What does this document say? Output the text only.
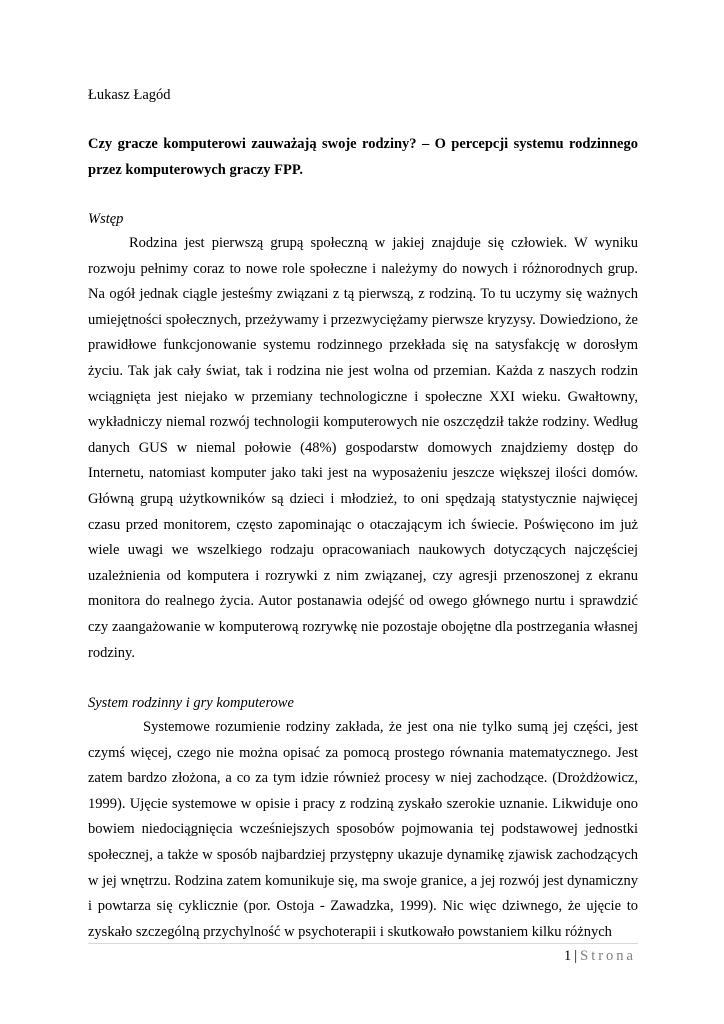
Łukasz Łagód

Czy gracze komputerowi zauważają swoje rodziny? – O percepcji systemu rodzinnego przez komputerowych graczy FPP.

Wstęp

Rodzina jest pierwszą grupą społeczną w jakiej znajduje się człowiek. W wyniku rozwoju pełnimy coraz to nowe role społeczne i należymy do nowych i różnorodnych grup. Na ogół jednak ciągle jesteśmy związani z tą pierwszą, z rodziną. To tu uczymy się ważnych umiejętności społecznych, przeżywamy i przezwyciężamy pierwsze kryzysy. Dowiedziono, że prawidłowe funkcjonowanie systemu rodzinnego przekłada się na satysfakcję w dorosłym życiu. Tak jak cały świat, tak i rodzina nie jest wolna od przemian. Każda z naszych rodzin wciągnięta jest niejako w przemiany technologiczne i społeczne XXI wieku. Gwałtowny, wykładniczy niemal rozwój technologii komputerowych nie oszczędził także rodziny. Według danych GUS w niemal połowie (48%) gospodarstw domowych znajdziemy dostęp do Internetu, natomiast komputer jako taki jest na wyposażeniu jeszcze większej ilości domów. Główną grupą użytkowników są dzieci i młodzież, to oni spędzają statystycznie najwięcej czasu przed monitorem, często zapominając o otaczającym ich świecie. Poświęcono im już wiele uwagi we wszelkiego rodzaju opracowaniach naukowych dotyczących najczęściej uzależnienia od komputera i rozrywki z nim związanej, czy agresji przenoszonej z ekranu monitora do realnego życia. Autor postanawia odejść od owego głównego nurtu i sprawdzić czy zaangażowanie w komputerową rozrywkę nie pozostaje obojętne dla postrzegania własnej rodziny.

System rodzinny i gry komputerowe

Systemowe rozumienie rodziny zakłada, że jest ona nie tylko sumą jej części, jest czymś więcej, czego nie można opisać za pomocą prostego równania matematycznego. Jest zatem bardzo złożona, a co za tym idzie również procesy w niej zachodzące. (Drożdżowicz, 1999). Ujęcie systemowe w opisie i pracy z rodziną zyskało szerokie uznanie. Likwiduje ono bowiem niedociągnięcia wcześniejszych sposobów pojmowania tej podstawowej jednostki społecznej, a także w sposób najbardziej przystępny ukazuje dynamikę zjawisk zachodzących w jej wnętrzu. Rodzina zatem komunikuje się, ma swoje granice, a jej rozwój jest dynamiczny i powtarza się cyklicznie (por. Ostoja - Zawadzka, 1999). Nic więc dziwnego, że ujęcie to zyskało szczególną przychylność w psychoterapii i skutkowało powstaniem kilku różnych

1 | Strona
